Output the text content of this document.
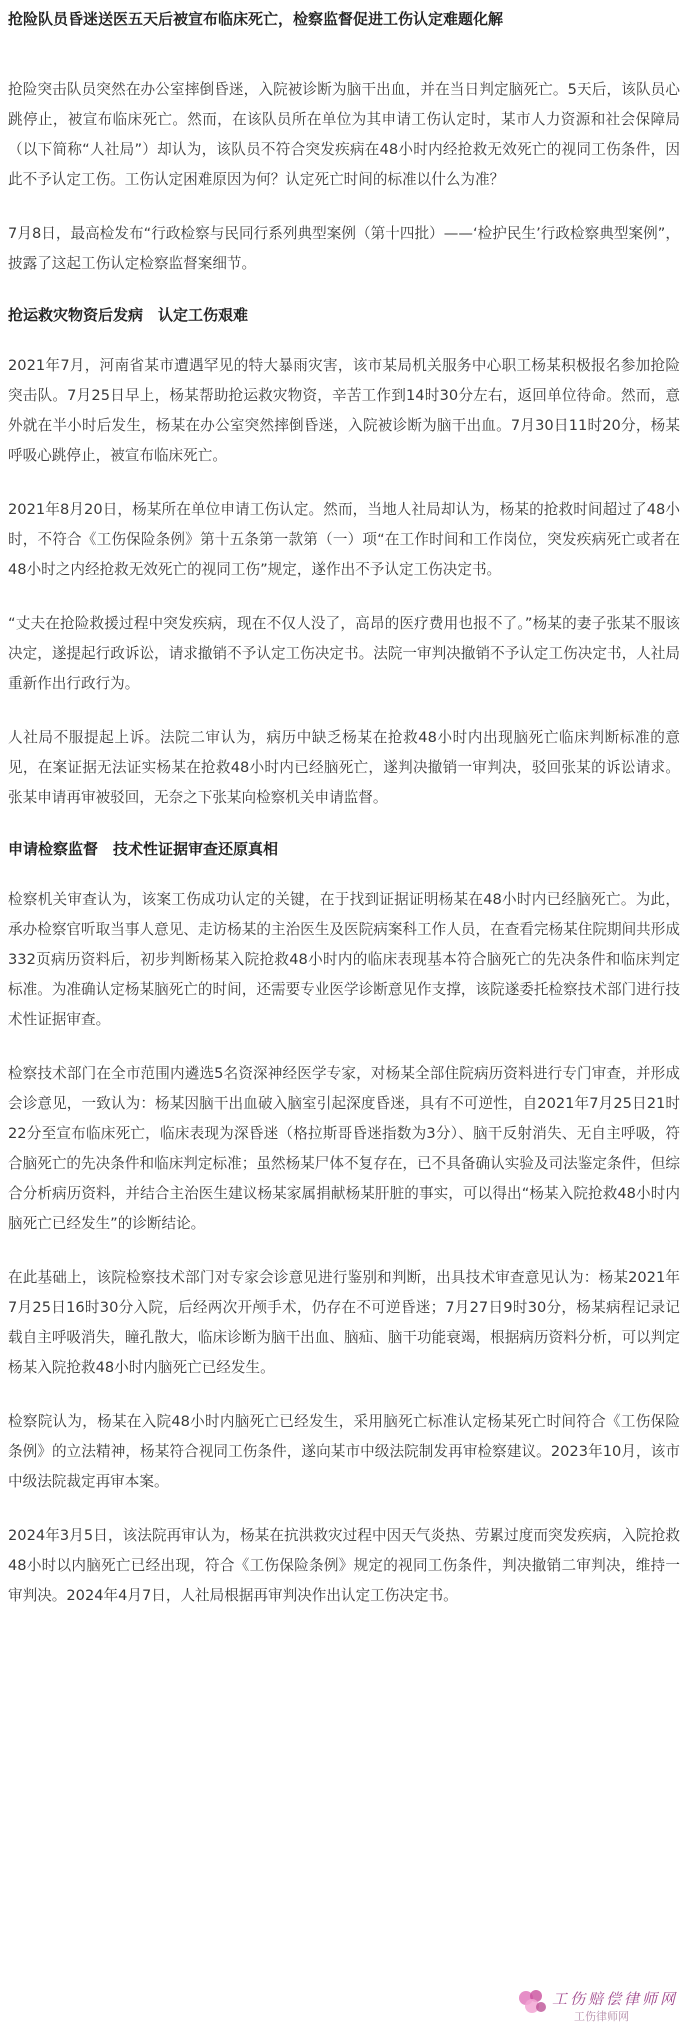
抢险队员昏迷送医五天后被宣布临床死亡，检察监督促进工伤认定难题化解

抢险突击队员突然在办公室摔倒昏迷，入院被诊断为脑干出血，并在当日判定脑死亡。5天后，该队员心跳停止，被宣布临床死亡。然而，在该队员所在单位为其申请工伤认定时，某市人力资源和社会保障局（以下简称“人社局”）却认为，该队员不符合突发疾病在48小时内经抢救无效死亡的视同工伤条件，因此不予认定工伤。工伤认定困难原因为何？认定死亡时间的标准以什么为准？

7月8日，最高检发布“行政检察与民同行系列典型案例（第十四批）——‘检护民生’行政检察典型案例”，披露了这起工伤认定检察监督案细节。

抢运救灾物资后发病　认定工伤艰难

2021年7月，河南省某市遭遇罕见的特大暴雨灾害，该市某局机关服务中心职工杨某积极报名参加抢险突击队。7月25日早上，杨某帮助抢运救灾物资，辛苦工作到14时30分左右，返回单位待命。然而，意外就在半小时后发生，杨某在办公室突然摔倒昏迷，入院被诊断为脑干出血。7月30日11时20分，杨某呼吸心跳停止，被宣布临床死亡。

2021年8月20日，杨某所在单位申请工伤认定。然而，当地人社局却认为，杨某的抢救时间超过了48小时，不符合《工伤保险条例》第十五条第一款第（一）项“在工作时间和工作岗位，突发疾病死亡或者在48小时之内经抢救无效死亡的视同工伤”规定，遂作出不予认定工伤决定书。

“丈夫在抢险救援过程中突发疾病，现在不仅人没了，高昂的医疗费用也报不了。”杨某的妻子张某不服该决定，遂提起行政诉讼，请求撤销不予认定工伤决定书。法院一审判决撤销不予认定工伤决定书，人社局重新作出行政行为。

人社局不服提起上诉。法院二审认为，病历中缺乏杨某在抢救48小时内出现脑死亡临床判断标准的意见，在案证据无法证实杨某在抢救48小时内已经脑死亡，遂判决撤销一审判决，驳回张某的诉讼请求。张某申请再审被驳回，无奈之下张某向检察机关申请监督。

申请检察监督　技术性证据审查还原真相

检察机关审查认为，该案工伤成功认定的关键，在于找到证据证明杨某在48小时内已经脑死亡。为此，承办检察官听取当事人意见、走访杨某的主治医生及医院病案科工作人员，在查看完杨某住院期间共形成332页病历资料后，初步判断杨某入院抢救48小时内的临床表现基本符合脑死亡的先决条件和临床判定标准。为准确认定杨某脑死亡的时间，还需要专业医学诊断意见作支撑，该院遂委托检察技术部门进行技术性证据审查。

检察技术部门在全市范围内遴选5名资深神经医学专家，对杨某全部住院病历资料进行专门审查，并形成会诊意见，一致认为：杨某因脑干出血破入脑室引起深度昏迷，具有不可逆性，自2021年7月25日21时22分至宣布临床死亡，临床表现为深昏迷（格拉斯哥昏迷指数为3分）、脑干反射消失、无自主呼吸，符合脑死亡的先决条件和临床判定标准；虽然杨某尸体不复存在，已不具备确认实验及司法鉴定条件，但综合分析病历资料，并结合主治医生建议杨某家属捐献杨某肝脏的事实，可以得出“杨某入院抢救48小时内脑死亡已经发生”的诊断结论。

在此基础上，该院检察技术部门对专家会诊意见进行鉴别和判断，出具技术审查意见认为：杨某2021年7月25日16时30分入院，后经两次开颅手术，仍存在不可逆昏迷；7月27日9时30分，杨某病程记录记载自主呼吸消失，瞳孔散大，临床诊断为脑干出血、脑疝、脑干功能衰竭，根据病历资料分析，可以判定杨某入院抢救48小时内脑死亡已经发生。

检察院认为，杨某在入院48小时内脑死亡已经发生，采用脑死亡标准认定杨某死亡时间符合《工伤保险条例》的立法精神，杨某符合视同工伤条件，遂向某市中级法院制发再审检察建议。2023年10月，该市中级法院裁定再审本案。

2024年3月5日，该法院再审认为，杨某在抗洪救灾过程中因天气炎热、劳累过度而突发疾病，入院抢救48小时以内脑死亡已经出现，符合《工伤保险条例》规定的视同工伤条件，判决撤销二审判决，维持一审判决。2024年4月7日，人社局根据再审判决作出认定工伤决定书。

工伤赔偿律师网
工伤律师网
